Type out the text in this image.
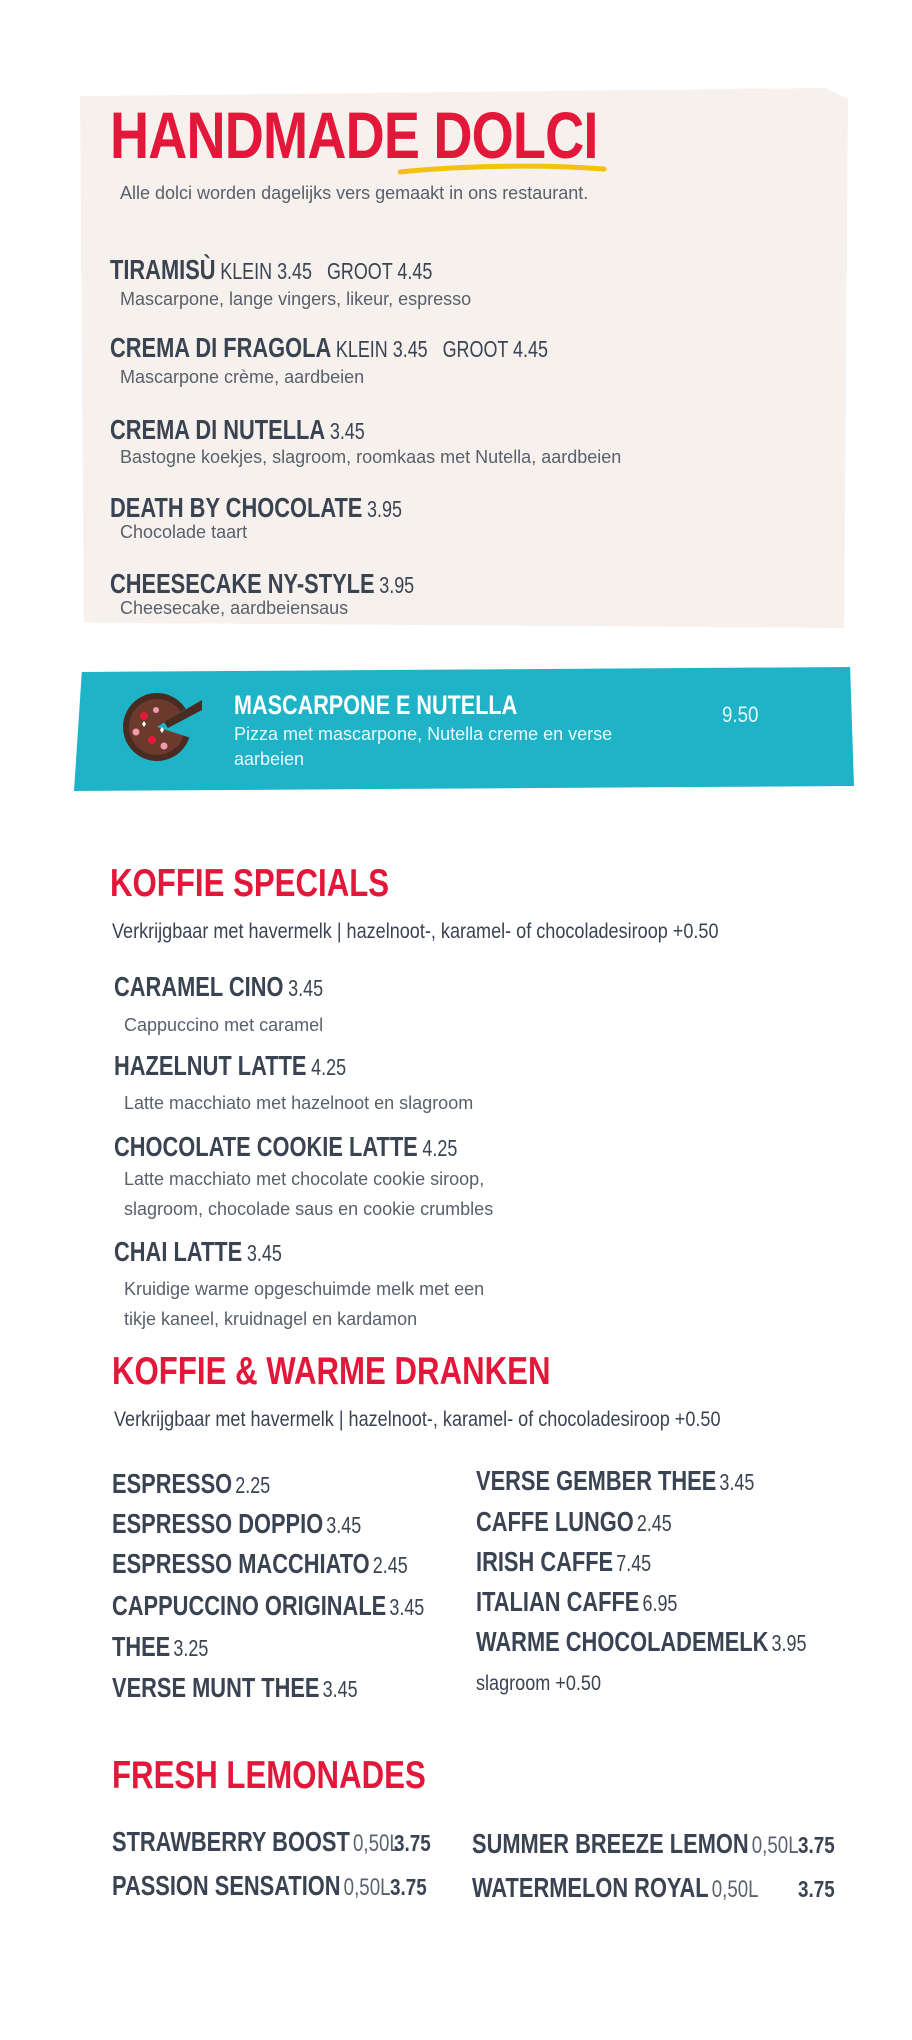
HANDMADE DOLCI
Alle dolci worden dagelijks vers gemaakt in ons restaurant.
TIRAMISÙ KLEIN 3.45   GROOT 4.45
Mascarpone, lange vingers, likeur, espresso
CREMA DI FRAGOLA KLEIN 3.45   GROOT 4.45
Mascarpone crème, aardbeien
CREMA DI NUTELLA 3.45
Bastogne koekjes, slagroom, roomkaas met Nutella, aardbeien
DEATH BY CHOCOLATE 3.95
Chocolade taart
CHEESECAKE NY-STYLE 3.95
Cheesecake, aardbeiensaus
MASCARPONE E NUTELLA
Pizza met mascarpone, Nutella creme en verse aarbeien
9.50
KOFFIE SPECIALS
Verkrijgbaar met havermelk | hazelnoot-, karamel- of chocoladesiroop +0.50
CARAMEL CINO 3.45
Cappuccino met caramel
HAZELNUT LATTE 4.25
Latte macchiato met hazelnoot en slagroom
CHOCOLATE COOKIE LATTE 4.25
Latte macchiato met chocolate cookie siroop,
slagroom, chocolade saus en cookie crumbles
CHAI LATTE 3.45
Kruidige warme opgeschuimde melk met een
tikje kaneel, kruidnagel en kardamon
KOFFIE & WARME DRANKEN
Verkrijgbaar met havermelk | hazelnoot-, karamel- of chocoladesiroop +0.50
ESPRESSO 2.25
ESPRESSO DOPPIO 3.45
ESPRESSO MACCHIATO 2.45
CAPPUCCINO ORIGINALE 3.45
THEE 3.25
VERSE MUNT THEE 3.45
VERSE GEMBER THEE 3.45
CAFFE LUNGO 2.45
IRISH CAFFE 7.45
ITALIAN CAFFE 6.95
WARME CHOCOLADEMELK 3.95
slagroom +0.50
FRESH LEMONADES
STRAWBERRY BOOST 0,50L
3.75
PASSION SENSATION 0,50L 3.75
SUMMER BREEZE LEMON 0,50L 3.75
WATERMELON ROYAL 0,50L 3.75
